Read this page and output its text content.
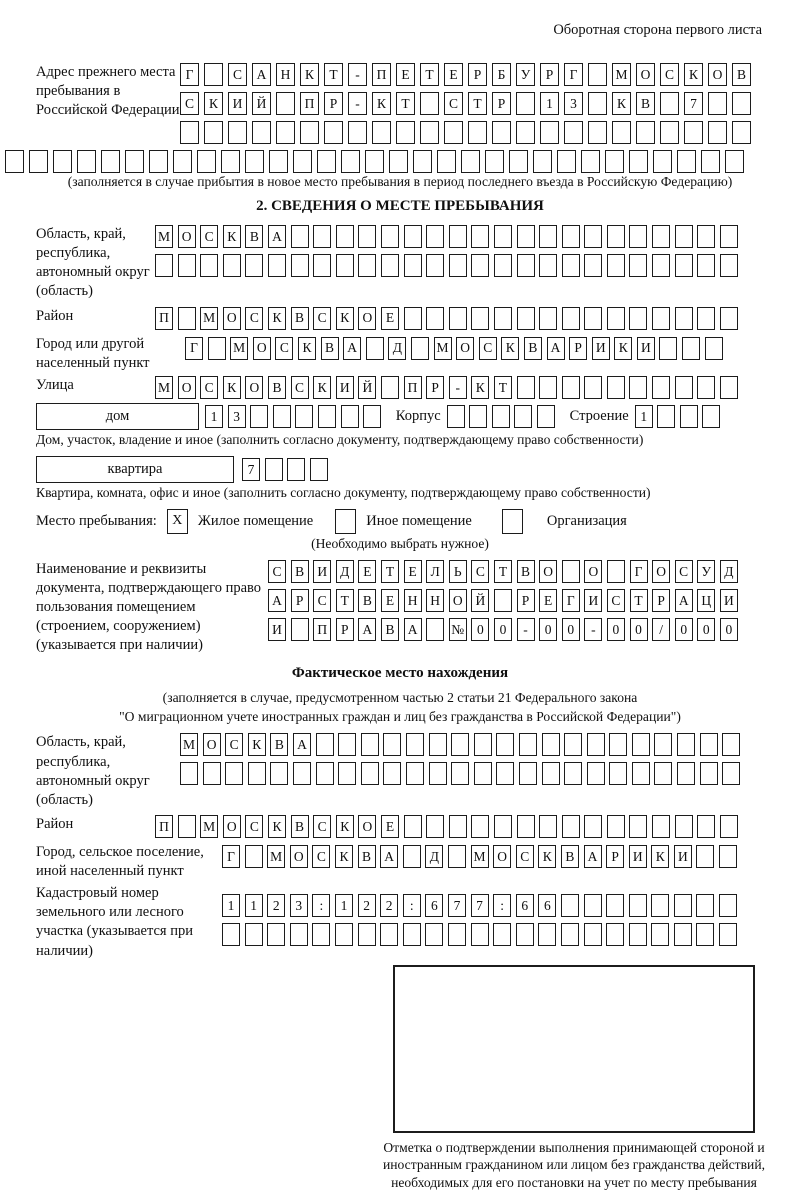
Оборотная сторона первого листа
Адрес прежнего места пребывания в Российской Федерации
Г	С	А	Н	К	Т	-	П	Е	Т	Е	Р	Б	У	Р	Г	М О	С	К	О	В
С	К	И	Й	П	Р	-	К	Т	С	Т	Р	1	3	К	В	7
(заполняется в случае прибытия в новое место пребывания в период последнего въезда в Российскую Федерацию)
2. СВЕДЕНИЯ О МЕСТЕ ПРЕБЫВАНИЯ
Область, край, республика, автономный округ (область)
М О С	К	В А
Район	П	М О С	К	В	С	К О	Е
Город или другой населенный пункт
Г	М О С	К	В А	Д	М О С	К	В А	Р	И К И
Улица	М О С	К О В	С	К И Й	П	Р	-	К	Т
дом	1	3	Корпус	Строение 1
Дом, участок, владение и иное (заполнить согласно документу, подтверждающему право собственности)
квартира	7
Квартира, комната, офис и иное (заполнить согласно документу, подтверждающему право собственности)
Место пребывания:	X	Жилое помещение	Иное помещение	Организация
(Необходимо выбрать нужное)
Наименование и реквизиты документа, подтверждающего право пользования помещением (строением, сооружением) (указывается при наличии)
С	В И Д	Е	Т	Е	Л	Ь	С	Т	В О	О	Г	О С У Д
А	Р	С	Т	В	Е	Н Н О Й	Р	Е	Г	И С	Т	Р	А Ц И
И	П	Р	А В А	№ 0	0	-	0	0	-	0	0	/	0	0	0
Фактическое место нахождения
(заполняется в случае, предусмотренном частью 2 статьи 21 Федерального закона
"О миграционном учете иностранных граждан и лиц без гражданства в Российской Федерации")
Область, край, республика, автономный округ (область)
М О С	К	В А
Район	П	М О С	К	В	С	К О	Е
Город, сельское поселение, иной населенный пункт
Г	М О С	К	В А	Д	М О С	К	В А	Р	И К И
Кадастровый номер земельного или лесного участка (указывается при наличии)
1	1	2	3	:	1	2	2	:	6	7	7	:	6	6
Отметка о подтверждении выполнения принимающей стороной и иностранным гражданином или лицом без гражданства действий, необходимых для его постановки на учет по месту пребывания
